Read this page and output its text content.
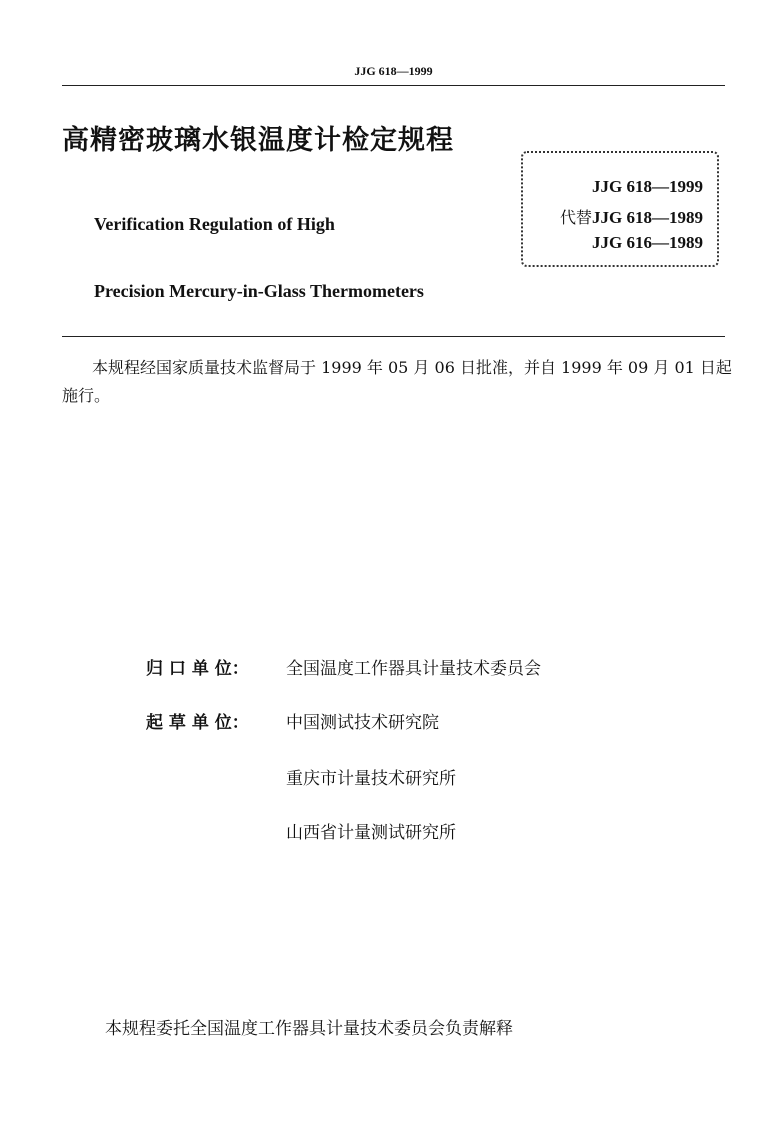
JJG 618—1999
高精密玻璃水银温度计检定规程
Verification Regulation of High
Precision Mercury-in-Glass Thermometers
JJG 618—1999
代替JJG 618—1989
JJG 616—1989
本规程经国家质量技术监督局于 1999 年 05 月 06 日批准，并自 1999 年 09 月 01 日起施行。
归 口 单 位： 全国温度工作器具计量技术委员会
起 草 单 位： 中国测试技术研究院
重庆市计量技术研究所
山西省计量测试研究所
本规程委托全国温度工作器具计量技术委员会负责解释
